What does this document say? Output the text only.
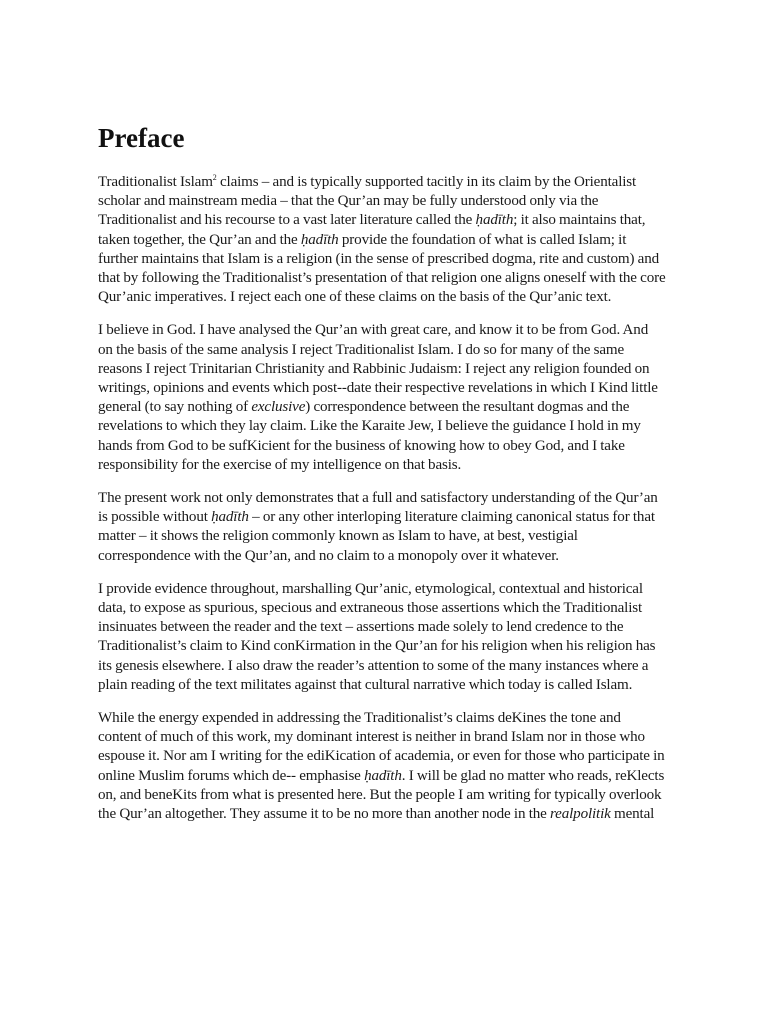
Preface

Traditionalist Islam$^2$ claims – and is typically supported tacitly in its claim by the Orientalist scholar and mainstream media – that the Qur’an may be fully understood only via the Traditionalist and his recourse to a vast later literature called the ḥadīth; it also maintains that, taken together, the Qur’an and the ḥadīth provide the foundation of what is called Islam; it further maintains that Islam is a religion (in the sense of prescribed dogma, rite and custom) and that by following the Traditionalist’s presentation of that religion one aligns oneself with the core Qur’anic imperatives. I reject each one of these claims on the basis of the Qur’anic text.

I believe in God. I have analysed the Qur’an with great care, and know it to be from God. And on the basis of the same analysis I reject Traditionalist Islam. I do so for many of the same reasons I reject Trinitarian Christianity and Rabbinic Judaism: I reject any religion founded on writings, opinions and events which post-‐date their respective revelations in which I Kind little general (to say nothing of exclusive) correspondence between the resultant dogmas and the revelations to which they lay claim. Like the Karaite Jew, I believe the guidance I hold in my hands from God to be sufKicient for the business of knowing how to obey God, and I take responsibility for the exercise of my intelligence on that basis.

The present work not only demonstrates that a full and satisfactory understanding of the Qur’an is possible without ḥadīth – or any other interloping literature claiming canonical status for that matter – it shows the religion commonly known as Islam to have, at best, vestigial correspondence with the Qur’an, and no claim to a monopoly over it whatever.

I provide evidence throughout, marshalling Qur’anic, etymological, contextual and historical data, to expose as spurious, specious and extraneous those assertions which the Traditionalist insinuates between the reader and the text – assertions made solely to lend credence to the Traditionalist’s claim to Kind conKirmation in the Qur’an for his religion when his religion has its genesis elsewhere. I also draw the reader’s attention to some of the many instances where a plain reading of the text militates against that cultural narrative which today is called Islam.

While the energy expended in addressing the Traditionalist’s claims deKines the tone and content of much of this work, my dominant interest is neither in brand Islam nor in those who espouse it. Nor am I writing for the ediKication of academia, or even for those who participate in online Muslim forums which de-‐ emphasise ḥadīth. I will be glad no matter who reads, reKlects on, and beneKits from what is presented here. But the people I am writing for typically overlook the Qur’an altogether. They assume it to be no more than another node in the realpolitik mental
